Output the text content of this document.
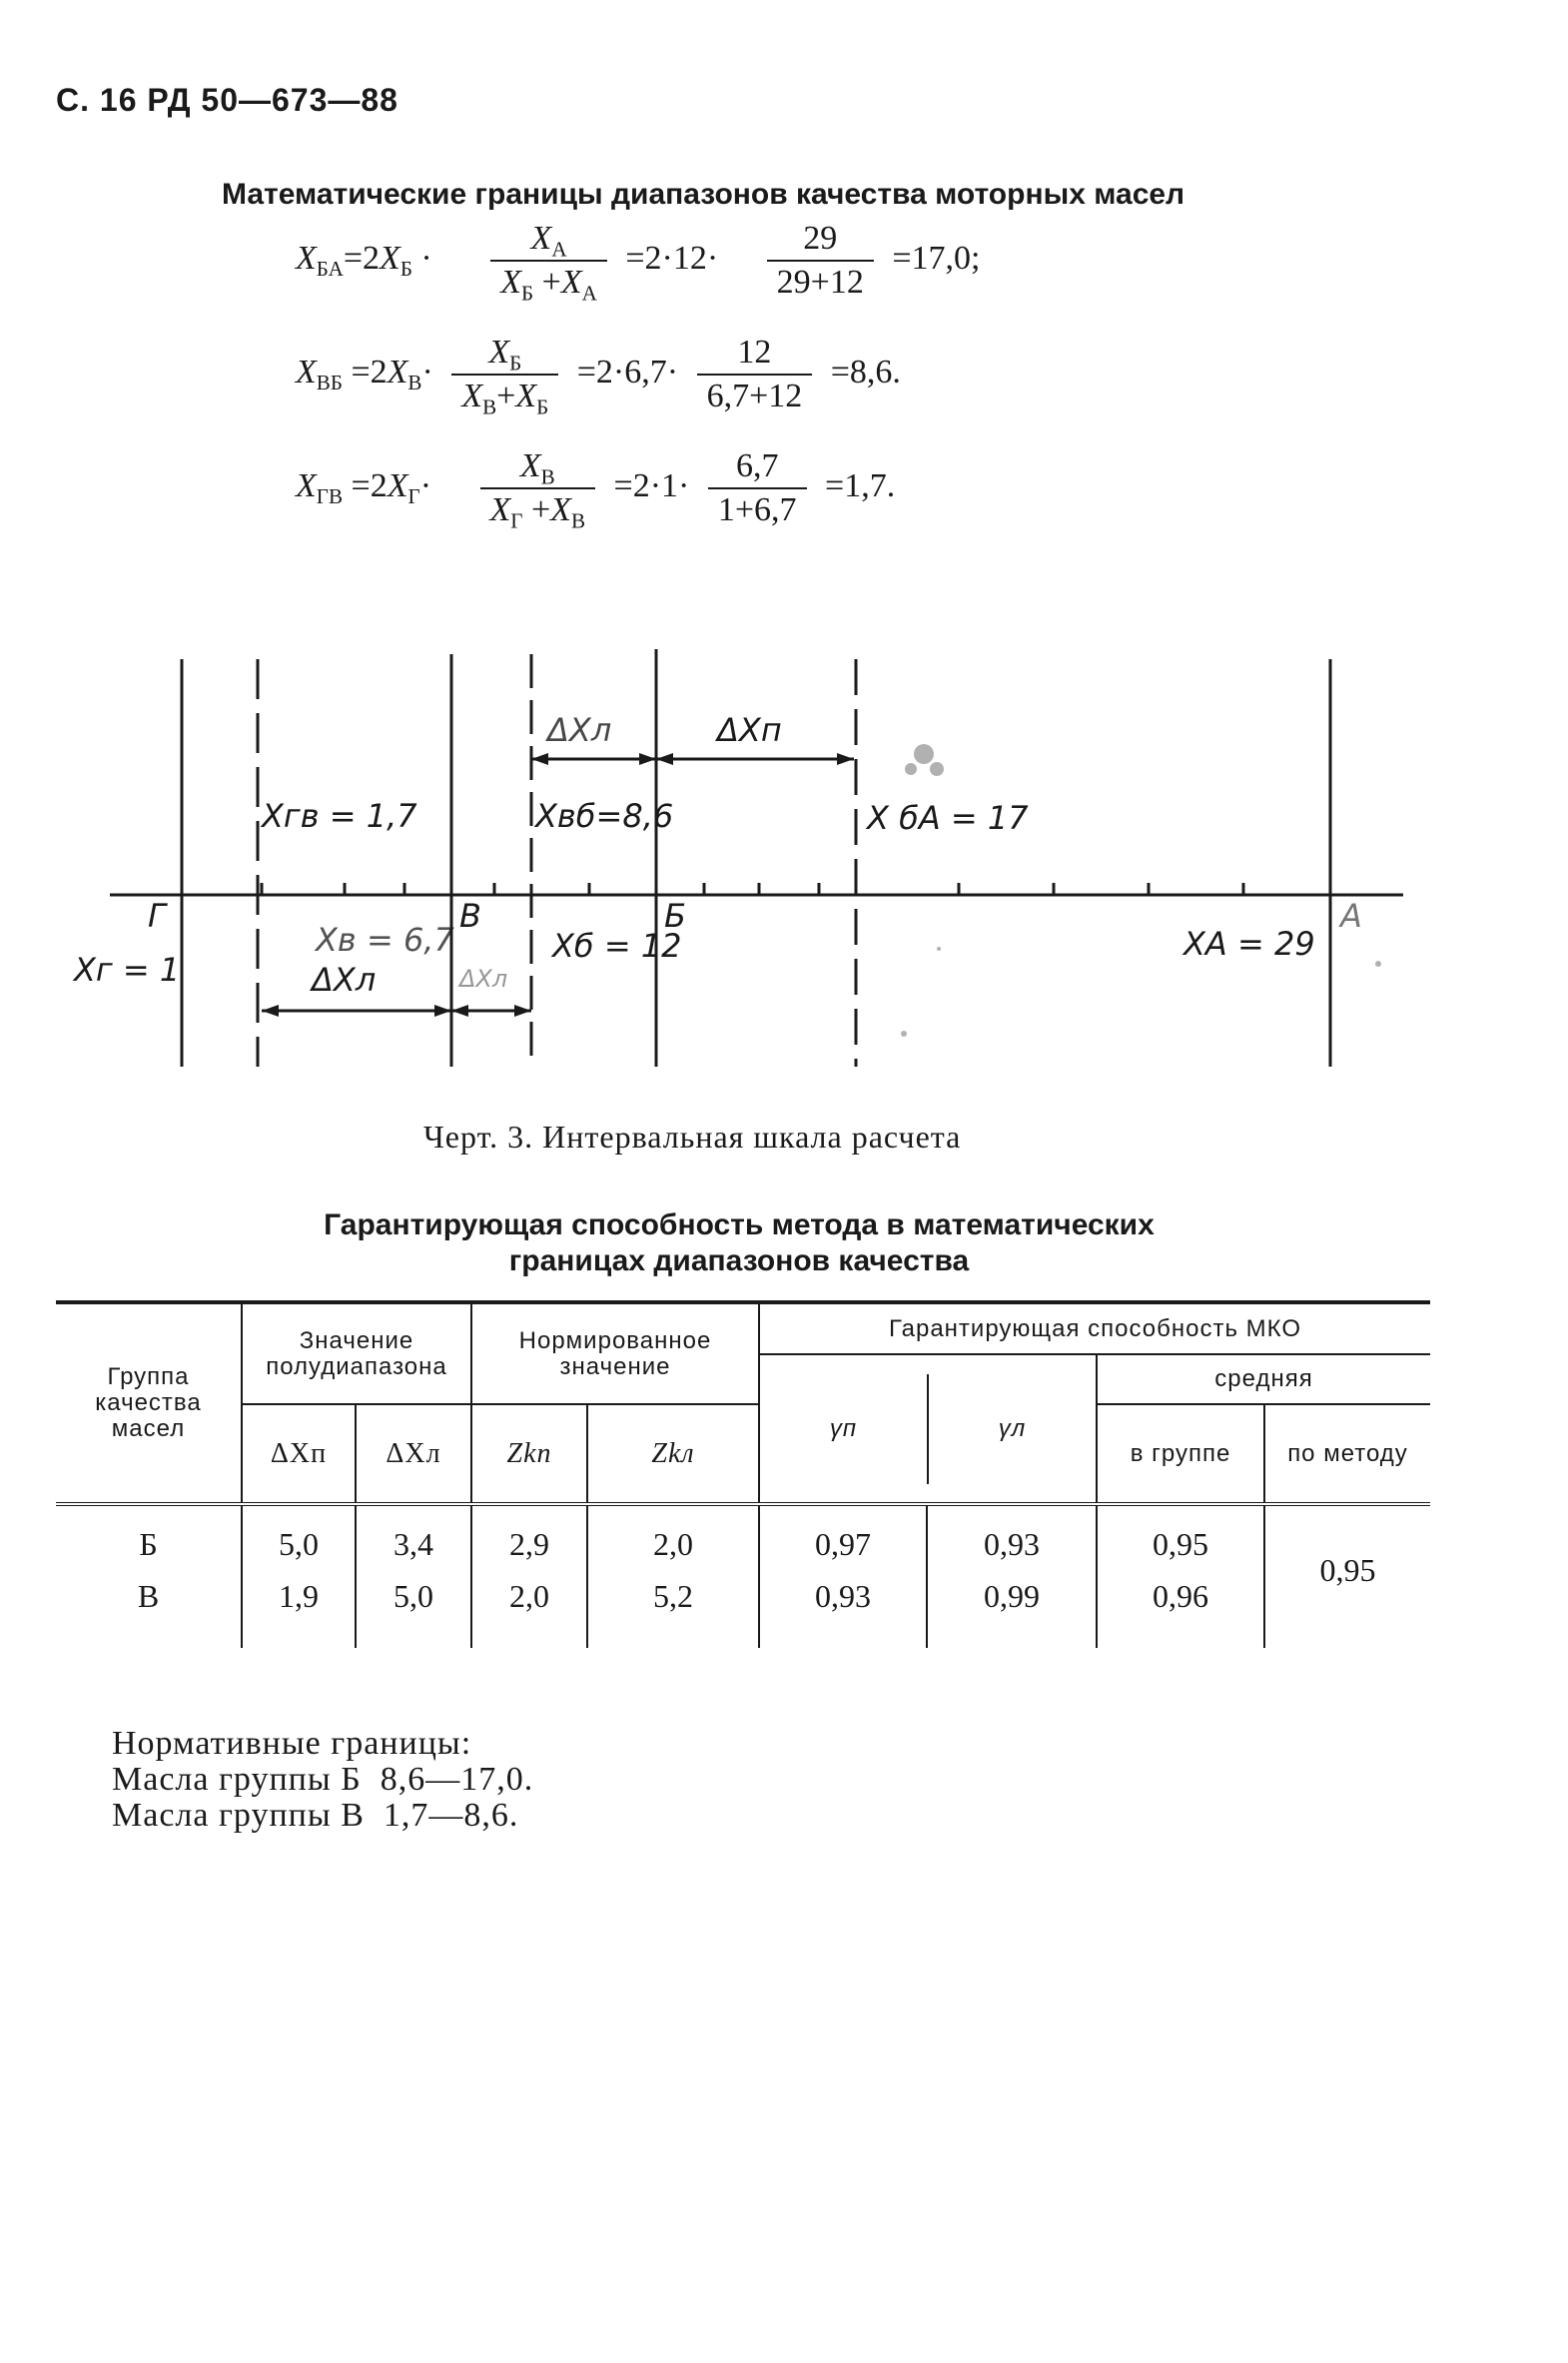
С. 16 РД 50—673—88
Математические границы диапазонов качества моторных масел
$X_{БА}=2X_Б \cdot \frac{X_А}{X_Б +X_А} =2\cdot 12\cdot \frac{29}{29+12} =17,0$;
$X_{ВБ} =2X_В\cdot \frac{X_Б}{X_В+X_Б} =2\cdot 6,7\cdot \frac{12}{6,7+12} =8,6$.
$X_{ГВ} =2X_Г\cdot \frac{X_В}{X_Г +X_В} =2\cdot 1\cdot \frac{6,7}{1+6,7} =1,7$.
Г	В	Б
Xг = 1
Xгв = 1,7	Xвб=8,6	X бA = 17
Xв = 6,7	Xб = 12	XA = 29
ΔXл	ΔXп
ΔXл	ΔXл
А
Черт. 3. Интервальная шкала расчета
Гарантирующая способность метода в математических
границах диапазонов качества
Группа качества масел	Значение полудиапазона	Нормированное значение	Гарантирующая способность МКО

γп	γл
	средняя
ΔXп	ΔXл	Zkп	Zkл	в группе	по методу

Б	5,0	3,4	2,9	2,0	0,97	0,93	0,95	0,95
В	1,9	5,0	2,0	5,2	0,93	0,99	0,96

Нормативные границы:
Масла группы Б  8,6—17,0.
Масла группы В  1,7—8,6.
